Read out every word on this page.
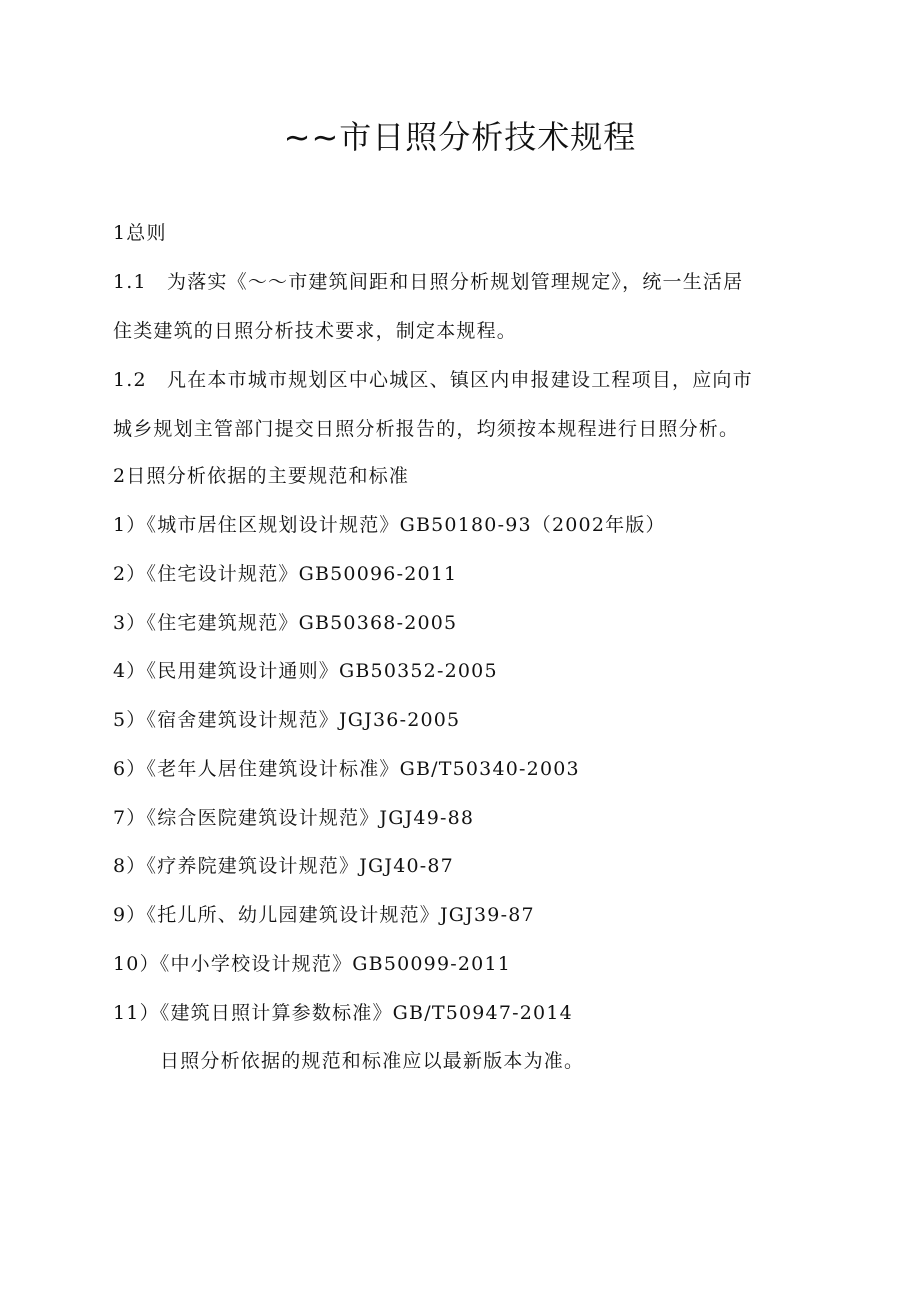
~~市日照分析技术规程
1总则
1.1　为落实《～～市建筑间距和日照分析规划管理规定》，统一生活居
住类建筑的日照分析技术要求，制定本规程。
1.2　凡在本市城市规划区中心城区、镇区内申报建设工程项目，应向市
城乡规划主管部门提交日照分析报告的，均须按本规程进行日照分析。
2日照分析依据的主要规范和标准
1）《城市居住区规划设计规范》GB50180-93（2002年版）
2）《住宅设计规范》GB50096-2011
3）《住宅建筑规范》GB50368-2005
4）《民用建筑设计通则》GB50352-2005
5）《宿舍建筑设计规范》JGJ36-2005
6）《老年人居住建筑设计标准》GB/T50340-2003
7）《综合医院建筑设计规范》JGJ49-88
8）《疗养院建筑设计规范》JGJ40-87
9）《托儿所、幼儿园建筑设计规范》JGJ39-87
10）《中小学校设计规范》GB50099-2011
11）《建筑日照计算参数标准》GB/T50947-2014
日照分析依据的规范和标准应以最新版本为准。
